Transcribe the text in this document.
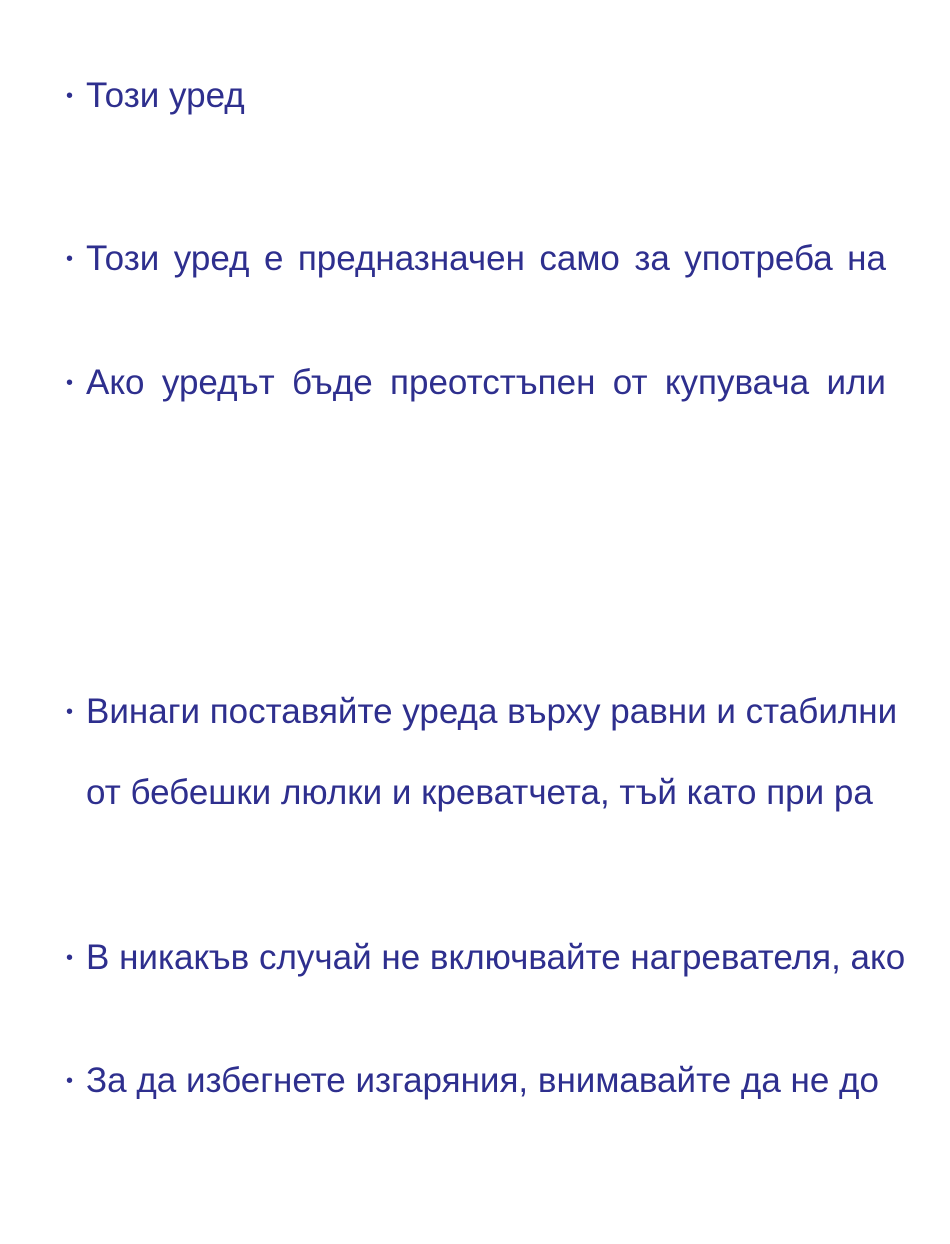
• Този уред
• Този уред е предназначен само за употреба на
• Ако уредът бъде преотстъпен от купувача или
• Винаги поставяйте уреда върху равни и стабилни
от бебешки люлки и креватчета, тъй като при ра
• В никакъв случай не включвайте нагревателя, ако
• За да избегнете изгаряния, внимавайте да не до
